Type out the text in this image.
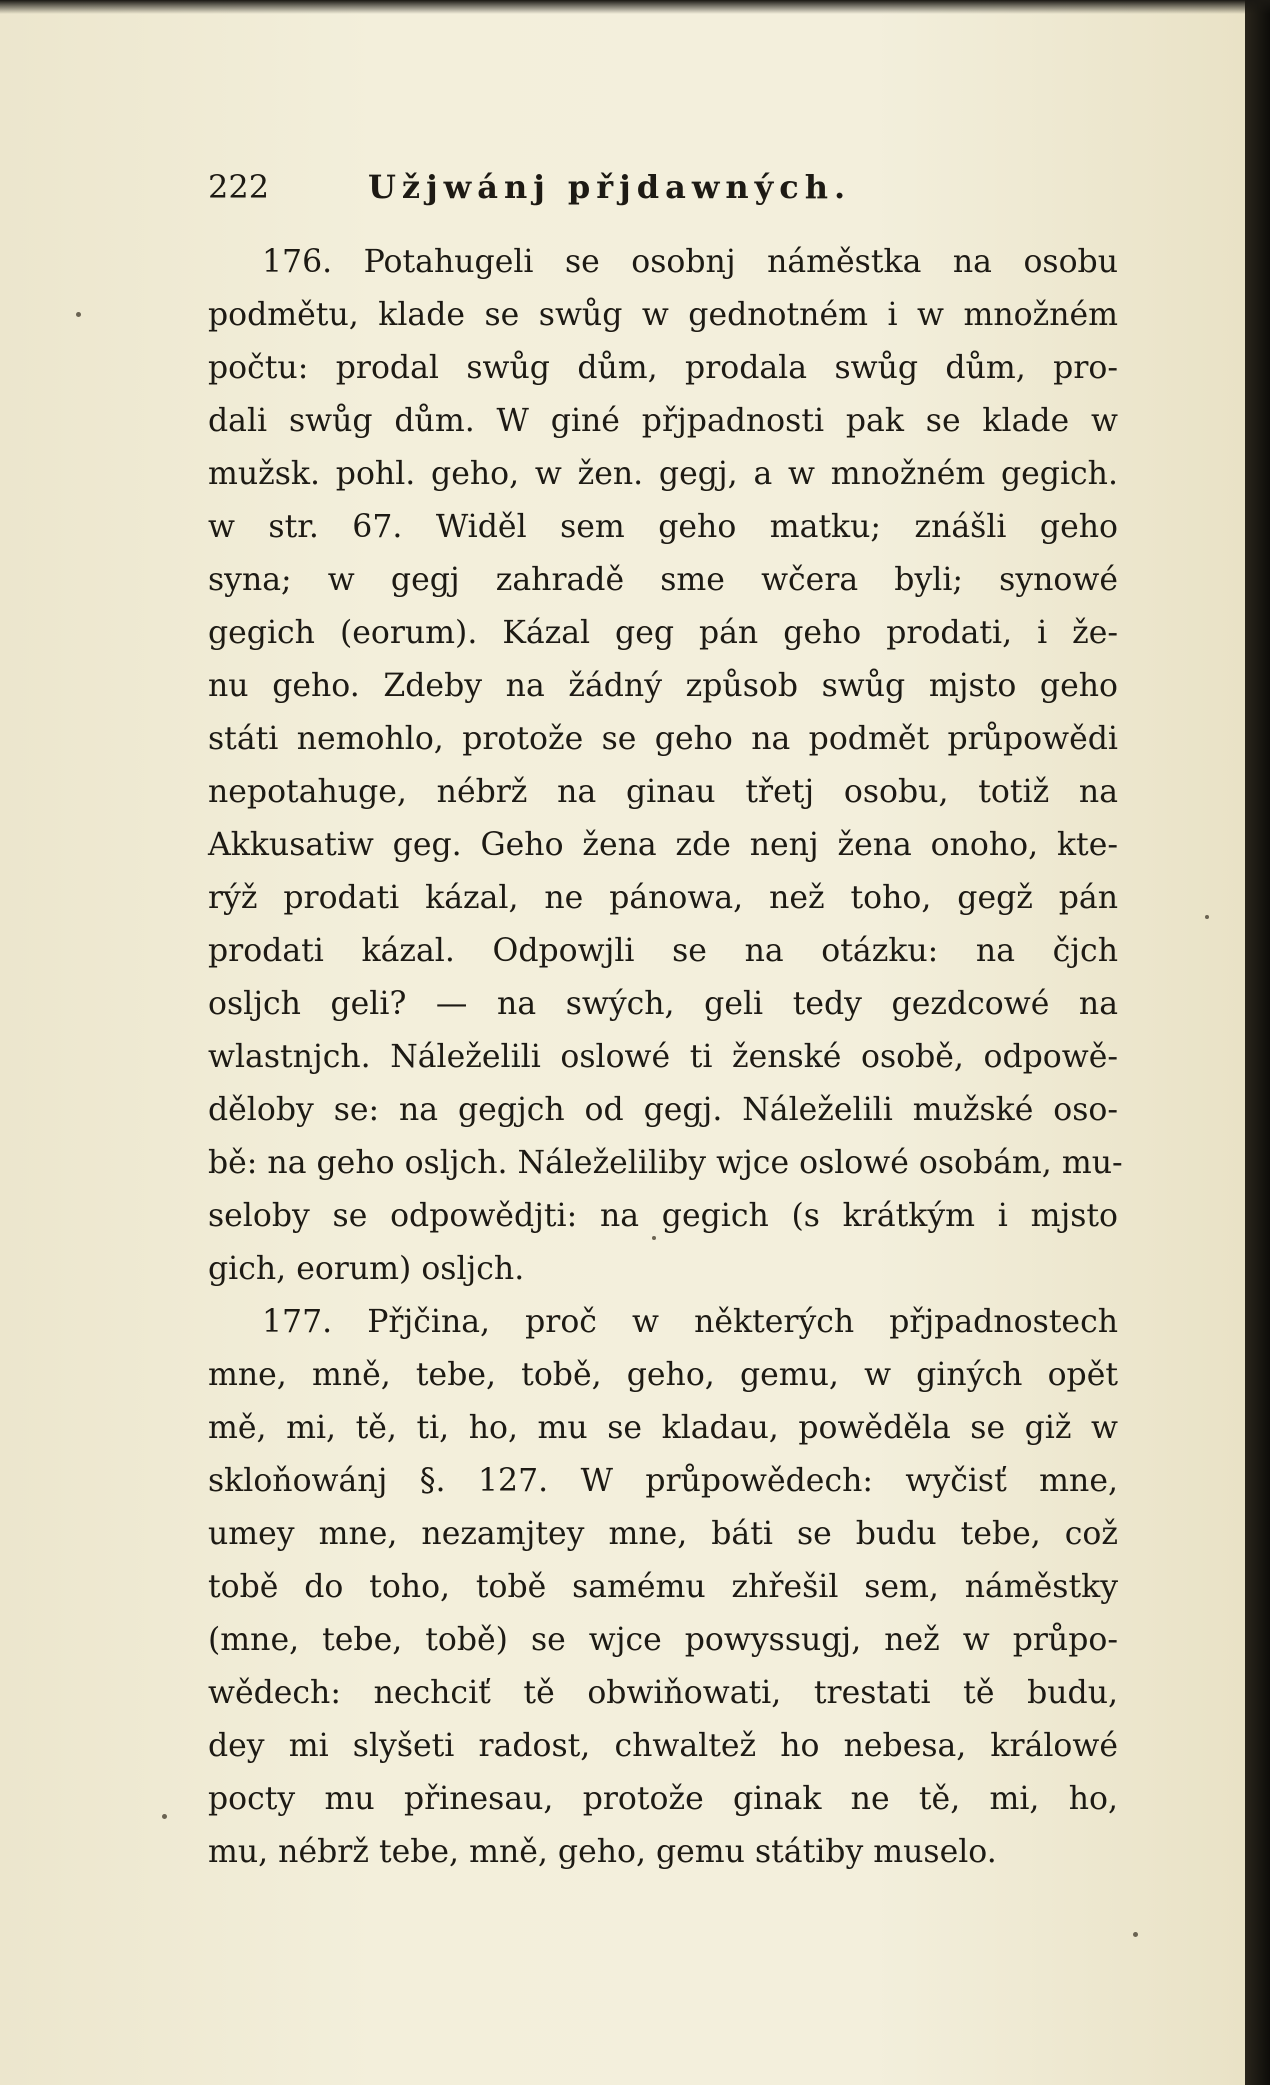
222	Užjwánj přjdawných.
176. Potahugeli se osobnj náměstka na osobu
podmětu, klade se swůg w gednotném i w množném
počtu: prodal swůg dům, prodala swůg dům, pro-
dali swůg dům. W giné přjpadnosti pak se klade w
mužsk. pohl. geho, w žen. gegj, a w množném gegich.
w str. 67. Widěl sem geho matku; znášli geho
syna; w gegj zahradě sme wčera byli; synowé
gegich (eorum). Kázal geg pán geho prodati, i že-
nu geho. Zdeby na žádný způsob swůg mjsto geho
státi nemohlo, protože se geho na podmět průpowědi
nepotahuge, nébrž na ginau třetj osobu, totiž na
Akkusatiw geg. Geho žena zde nenj žena onoho, kte-
rýž prodati kázal, ne pánowa, než toho, gegž pán
prodati kázal. Odpowjli se na otázku: na čjch
osljch geli? — na swých, geli tedy gezdcowé na
wlastnjch. Náleželili oslowé ti ženské osobě, odpowě-
děloby se: na gegjch od gegj. Náleželili mužské oso-
bě: na geho osljch. Náleželiliby wjce oslowé osobám, mu-
seloby se odpowědjti: na gegich (s krátkým i mjsto
gich, eorum) osljch.
177. Přjčina, proč w některých přjpadnostech
mne, mně, tebe, tobě, geho, gemu, w giných opět
mě, mi, tě, ti, ho, mu se kladau, powěděla se giž w
skloňowánj §. 127. W průpowědech: wyčisť mne,
umey mne, nezamjtey mne, báti se budu tebe, což
tobě do toho, tobě samému zhřešil sem, náměstky
(mne, tebe, tobě) se wjce powyssugj, než w průpo-
wědech: nechciť tě obwiňowati, trestati tě budu,
dey mi slyšeti radost, chwaltež ho nebesa, králowé
pocty mu přinesau, protože ginak ne tě, mi, ho,
mu, nébrž tebe, mně, geho, gemu státiby muselo.
